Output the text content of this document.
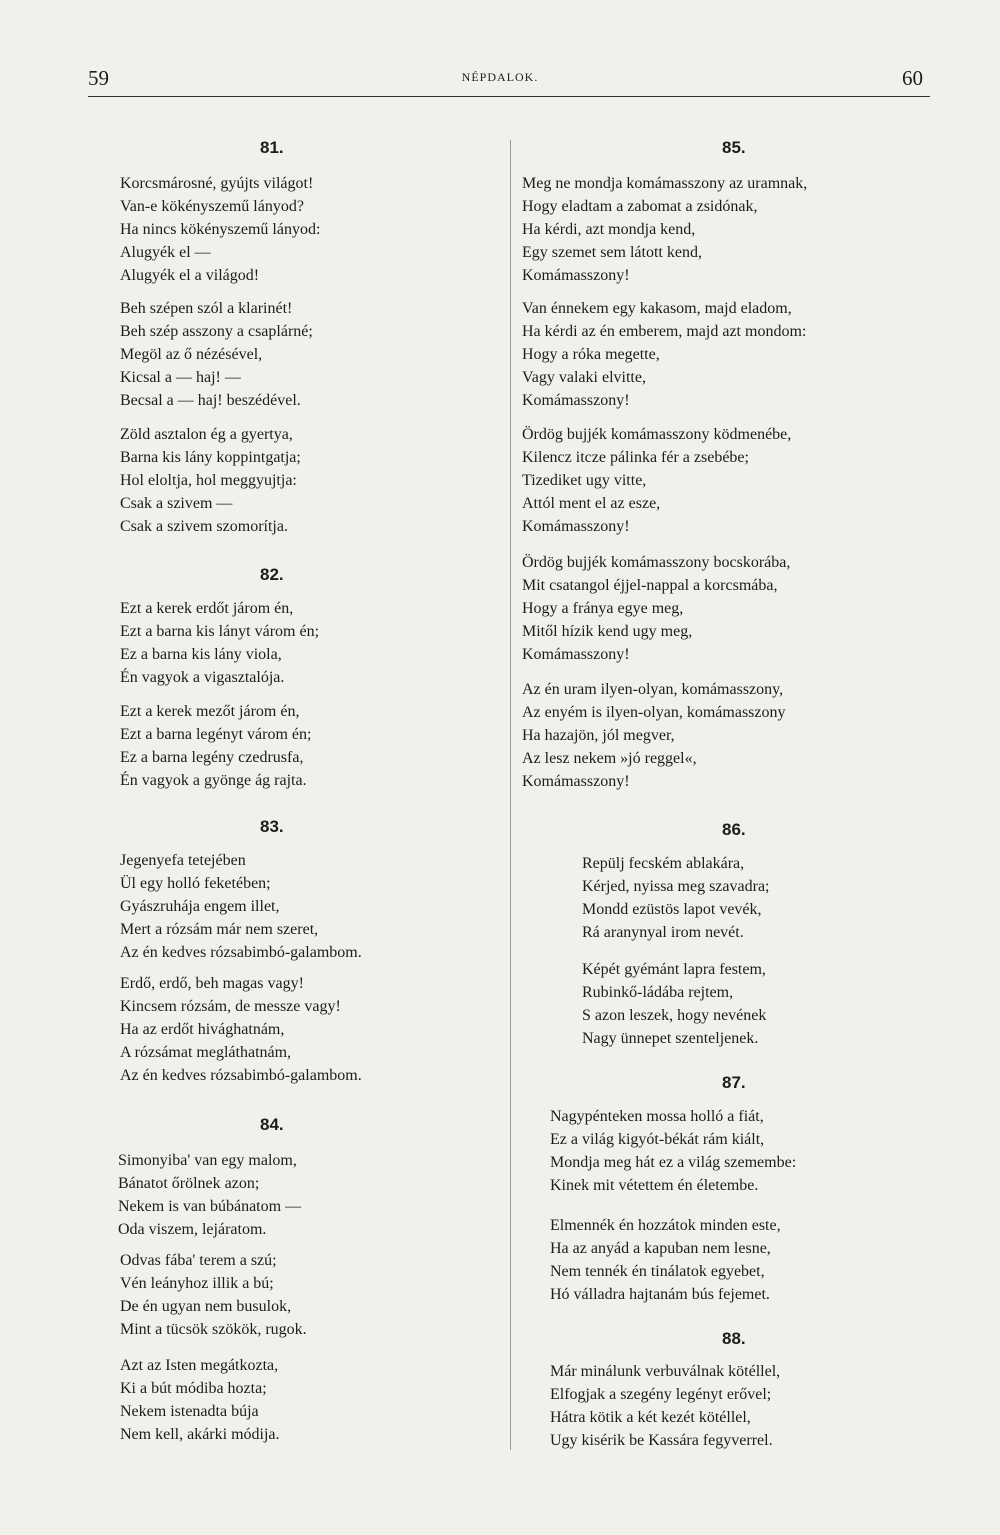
59	NÉPDALOK.	60
81.
Korcsmárosné, gyújts világot!
Van-e kökényszemű lányod?
Ha nincs kökényszemű lányod:
Alugyék el —
Alugyék el a világod!
Beh szépen szól a klarinét!
Beh szép asszony a csaplárné;
Megöl az ő nézésével,
Kicsal a — haj! —
Becsal a — haj! beszédével.
Zöld asztalon ég a gyertya,
Barna kis lány koppintgatja;
Hol eloltja, hol meggyujtja:
Csak a szivem —
Csak a szivem szomorítja.
82.
Ezt a kerek erdőt járom én,
Ezt a barna kis lányt várom én;
Ez a barna kis lány viola,
Én vagyok a vigasztalója.
Ezt a kerek mezőt járom én,
Ezt a barna legényt várom én;
Ez a barna legény czedrusfa,
Én vagyok a gyönge ág rajta.
83.
Jegenyefa tetejében
Ül egy holló feketében;
Gyászruhája engem illet,
Mert a rózsám már nem szeret,
Az én kedves rózsabimbó-galambom.
Erdő, erdő, beh magas vagy!
Kincsem rózsám, de messze vagy!
Ha az erdőt hivághatnám,
A rózsámat megláthatnám,
Az én kedves rózsabimbó-galambom.
84.
Simonyiba' van egy malom,
Bánatot őrölnek azon;
Nekem is van búbánatom —
Oda viszem, lejáratom.
Odvas fába' terem a szú;
Vén leányhoz illik a bú;
De én ugyan nem busulok,
Mint a tücsök szökök, rugok.
Azt az Isten megátkozta,
Ki a bút módiba hozta;
Nekem istenadta búja
Nem kell, akárki módija.
85.
Meg ne mondja komámasszony az uramnak,
Hogy eladtam a zabomat a zsidónak,
Ha kérdi, azt mondja kend,
Egy szemet sem látott kend,
Komámasszony!
Van énnekem egy kakasom, majd eladom,
Ha kérdi az én emberem, majd azt mondom:
Hogy a róka megette,
Vagy valaki elvitte,
Komámasszony!
Ördög bujjék komámasszony ködmenébe,
Kilencz itcze pálinka fér a zsebébe;
Tizediket ugy vitte,
Attól ment el az esze,
Komámasszony!
Ördög bujjék komámasszony bocskorába,
Mit csatangol éjjel-nappal a korcsmába,
Hogy a fránya egye meg,
Mitől hízik kend ugy meg,
Komámasszony!
Az én uram ilyen-olyan, komámasszony,
Az enyém is ilyen-olyan, komámasszony
Ha hazajön, jól megver,
Az lesz nekem »jó reggel«,
Komámasszony!
86.
Repülj fecském ablakára,
Kérjed, nyissa meg szavadra;
Mondd ezüstös lapot vevék,
Rá aranynyal irom nevét.
Képét gyémánt lapra festem,
Rubinkő-ládába rejtem,
S azon leszek, hogy nevének
Nagy ünnepet szenteljenek.
87.
Nagypénteken mossa holló a fiát,
Ez a világ kigyót-békát rám kiált,
Mondja meg hát ez a világ szemembe:
Kinek mit vétettem én életembe.
Elmennék én hozzátok minden este,
Ha az anyád a kapuban nem lesne,
Nem tennék én tinálatok egyebet,
Hó válladra hajtanám bús fejemet.
88.
Már minálunk verbuválnak kötéllel,
Elfogjak a szegény legényt erővel;
Hátra kötik a két kezét kötéllel,
Ugy kisérik be Kassára fegyverrel.
